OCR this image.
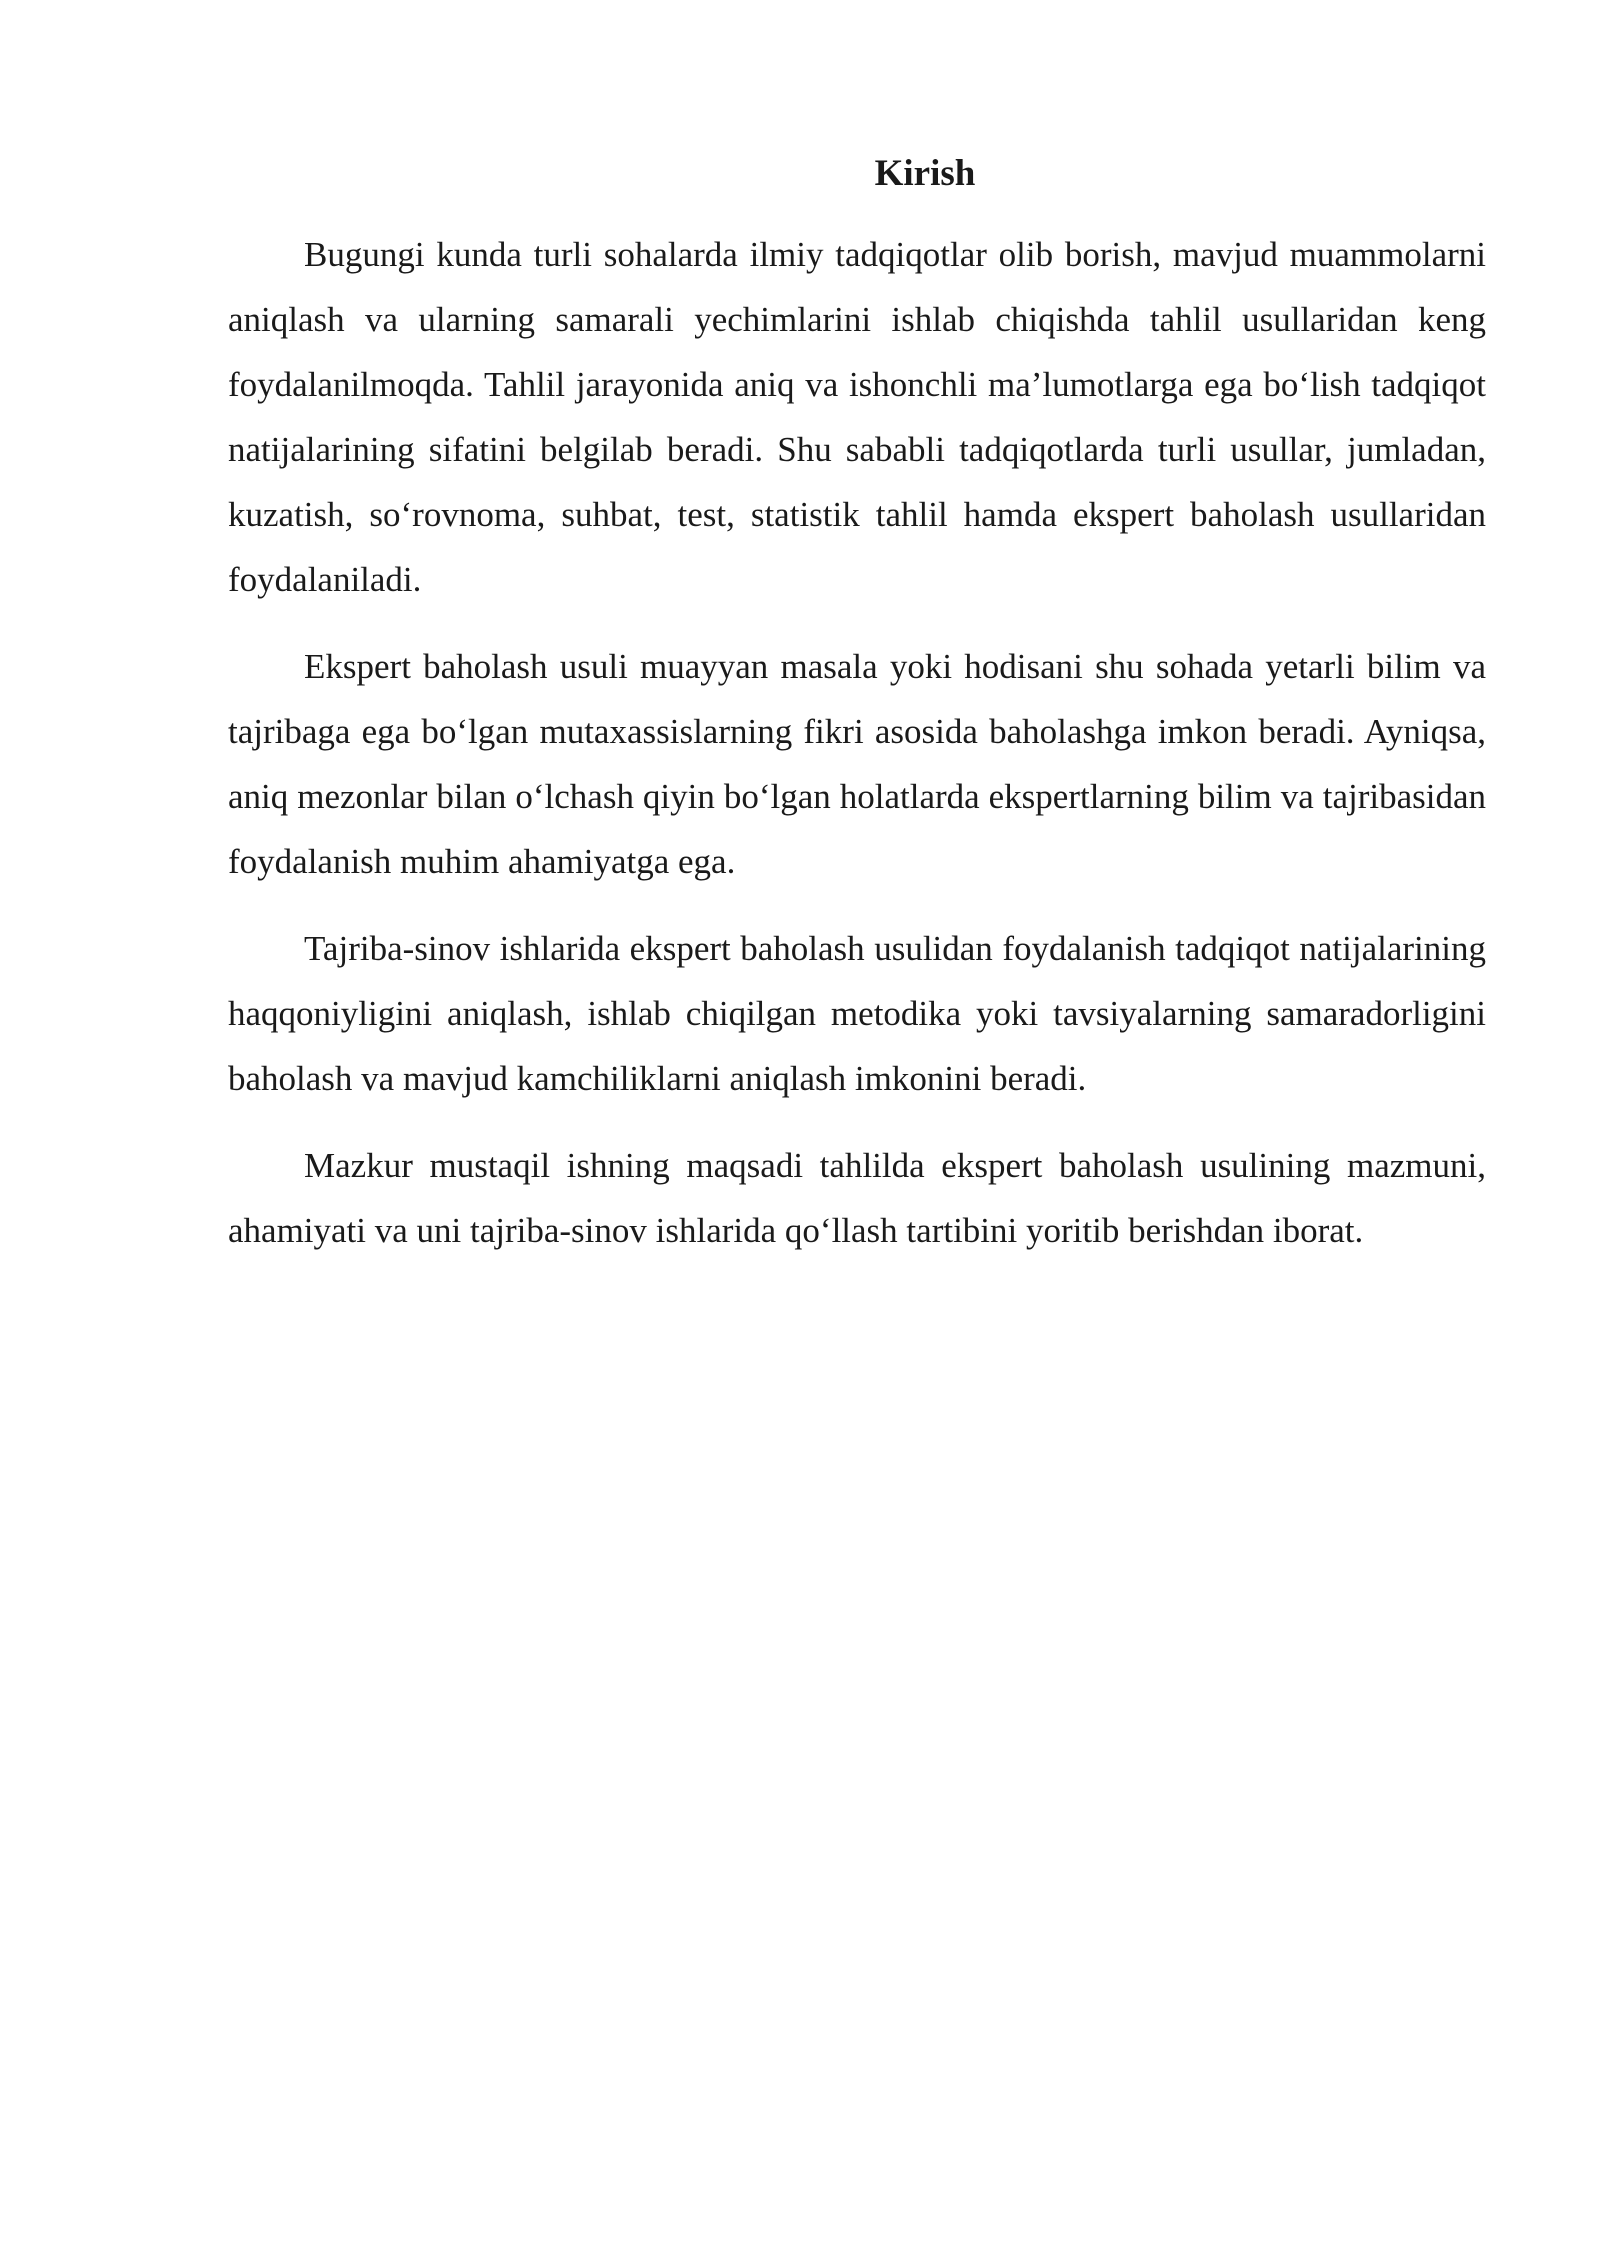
Kirish

Bugungi kunda turli sohalarda ilmiy tadqiqotlar olib borish, mavjud muammolarni aniqlash va ularning samarali yechimlarini ishlab chiqishda tahlil usullaridan keng foydalanilmoqda. Tahlil jarayonida aniq va ishonchli ma’lumotlarga ega bo‘lish tadqiqot natijalarining sifatini belgilab beradi. Shu sababli tadqiqotlarda turli usullar, jumladan, kuzatish, so‘rovnoma, suhbat, test, statistik tahlil hamda ekspert baholash usullaridan foydalaniladi.

Ekspert baholash usuli muayyan masala yoki hodisani shu sohada yetarli bilim va tajribaga ega bo‘lgan mutaxassislarning fikri asosida baholashga imkon beradi. Ayniqsa, aniq mezonlar bilan o‘lchash qiyin bo‘lgan holatlarda ekspertlarning bilim va tajribasidan foydalanish muhim ahamiyatga ega.

Tajriba-sinov ishlarida ekspert baholash usulidan foydalanish tadqiqot natijalarining haqqoniyligini aniqlash, ishlab chiqilgan metodika yoki tavsiyalarning samaradorligini baholash va mavjud kamchiliklarni aniqlash imkonini beradi.

Mazkur mustaqil ishning maqsadi tahlilda ekspert baholash usulining mazmuni, ahamiyati va uni tajriba-sinov ishlarida qo‘llash tartibini yoritib berishdan iborat.
